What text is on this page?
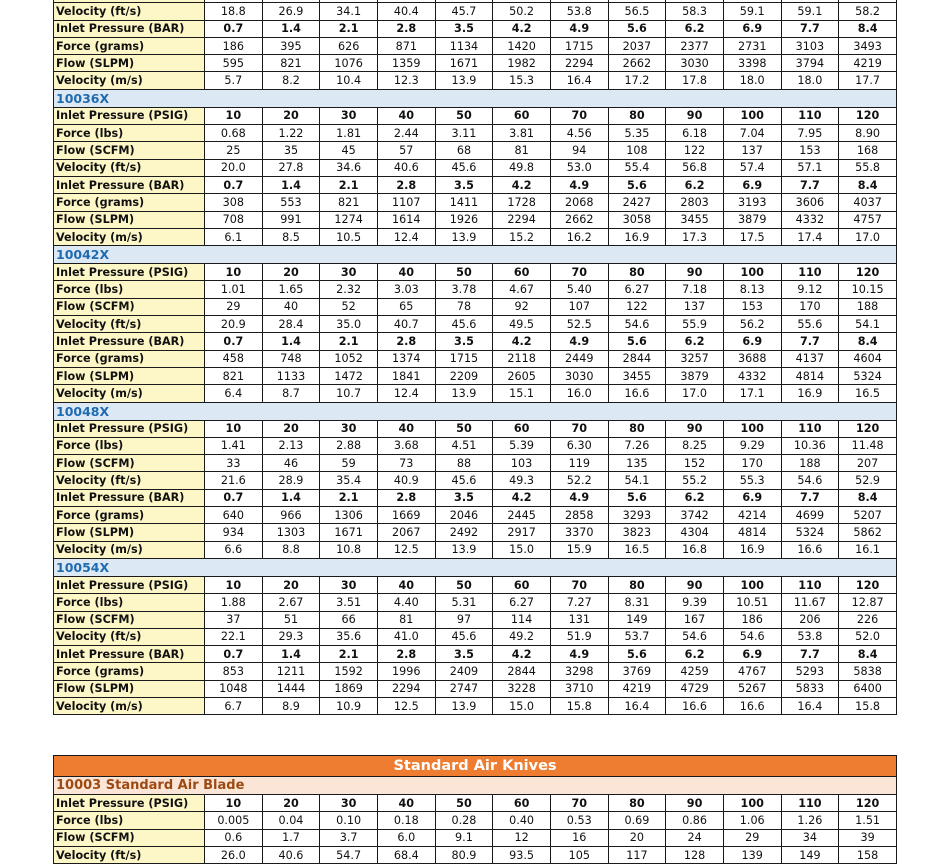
Velocity (ft/s)	18.8	26.9	34.1	40.4	45.7	50.2	53.8	56.5	58.3	59.1	59.1	58.2
Inlet Pressure (BAR)	0.7	1.4	2.1	2.8	3.5	4.2	4.9	5.6	6.2	6.9	7.7	8.4
Force (grams)	186	395	626	871	1134	1420	1715	2037	2377	2731	3103	3493
Flow (SLPM)	595	821	1076	1359	1671	1982	2294	2662	3030	3398	3794	4219
Velocity (m/s)	5.7	8.2	10.4	12.3	13.9	15.3	16.4	17.2	17.8	18.0	18.0	17.7
10036X												
Inlet Pressure (PSIG)	10	20	30	40	50	60	70	80	90	100	110	120
Force (lbs)	0.68	1.22	1.81	2.44	3.11	3.81	4.56	5.35	6.18	7.04	7.95	8.90
Flow (SCFM)	25	35	45	57	68	81	94	108	122	137	153	168
Velocity (ft/s)	20.0	27.8	34.6	40.6	45.6	49.8	53.0	55.4	56.8	57.4	57.1	55.8
Inlet Pressure (BAR)	0.7	1.4	2.1	2.8	3.5	4.2	4.9	5.6	6.2	6.9	7.7	8.4
Force (grams)	308	553	821	1107	1411	1728	2068	2427	2803	3193	3606	4037
Flow (SLPM)	708	991	1274	1614	1926	2294	2662	3058	3455	3879	4332	4757
Velocity (m/s)	6.1	8.5	10.5	12.4	13.9	15.2	16.2	16.9	17.3	17.5	17.4	17.0
10042X												
Inlet Pressure (PSIG)	10	20	30	40	50	60	70	80	90	100	110	120
Force (lbs)	1.01	1.65	2.32	3.03	3.78	4.67	5.40	6.27	7.18	8.13	9.12	10.15
Flow (SCFM)	29	40	52	65	78	92	107	122	137	153	170	188
Velocity (ft/s)	20.9	28.4	35.0	40.7	45.6	49.5	52.5	54.6	55.9	56.2	55.6	54.1
Inlet Pressure (BAR)	0.7	1.4	2.1	2.8	3.5	4.2	4.9	5.6	6.2	6.9	7.7	8.4
Force (grams)	458	748	1052	1374	1715	2118	2449	2844	3257	3688	4137	4604
Flow (SLPM)	821	1133	1472	1841	2209	2605	3030	3455	3879	4332	4814	5324
Velocity (m/s)	6.4	8.7	10.7	12.4	13.9	15.1	16.0	16.6	17.0	17.1	16.9	16.5
10048X												
Inlet Pressure (PSIG)	10	20	30	40	50	60	70	80	90	100	110	120
Force (lbs)	1.41	2.13	2.88	3.68	4.51	5.39	6.30	7.26	8.25	9.29	10.36	11.48
Flow (SCFM)	33	46	59	73	88	103	119	135	152	170	188	207
Velocity (ft/s)	21.6	28.9	35.4	40.9	45.6	49.3	52.2	54.1	55.2	55.3	54.6	52.9
Inlet Pressure (BAR)	0.7	1.4	2.1	2.8	3.5	4.2	4.9	5.6	6.2	6.9	7.7	8.4
Force (grams)	640	966	1306	1669	2046	2445	2858	3293	3742	4214	4699	5207
Flow (SLPM)	934	1303	1671	2067	2492	2917	3370	3823	4304	4814	5324	5862
Velocity (m/s)	6.6	8.8	10.8	12.5	13.9	15.0	15.9	16.5	16.8	16.9	16.6	16.1
10054X												
Inlet Pressure (PSIG)	10	20	30	40	50	60	70	80	90	100	110	120
Force (lbs)	1.88	2.67	3.51	4.40	5.31	6.27	7.27	8.31	9.39	10.51	11.67	12.87
Flow (SCFM)	37	51	66	81	97	114	131	149	167	186	206	226
Velocity (ft/s)	22.1	29.3	35.6	41.0	45.6	49.2	51.9	53.7	54.6	54.6	53.8	52.0
Inlet Pressure (BAR)	0.7	1.4	2.1	2.8	3.5	4.2	4.9	5.6	6.2	6.9	7.7	8.4
Force (grams)	853	1211	1592	1996	2409	2844	3298	3769	4259	4767	5293	5838
Flow (SLPM)	1048	1444	1869	2294	2747	3228	3710	4219	4729	5267	5833	6400
Velocity (m/s)	6.7	8.9	10.9	12.5	13.9	15.0	15.8	16.4	16.6	16.6	16.4	15.8
Standard Air Knives												
10003 Standard Air Blade												
Inlet Pressure (PSIG)	10	20	30	40	50	60	70	80	90	100	110	120
Force (lbs)	0.005	0.04	0.10	0.18	0.28	0.40	0.53	0.69	0.86	1.06	1.26	1.51
Flow (SCFM)	0.6	1.7	3.7	6.0	9.1	12	16	20	24	29	34	39
Velocity (ft/s)	26.0	40.6	54.7	68.4	80.9	93.5	105	117	128	139	149	158
